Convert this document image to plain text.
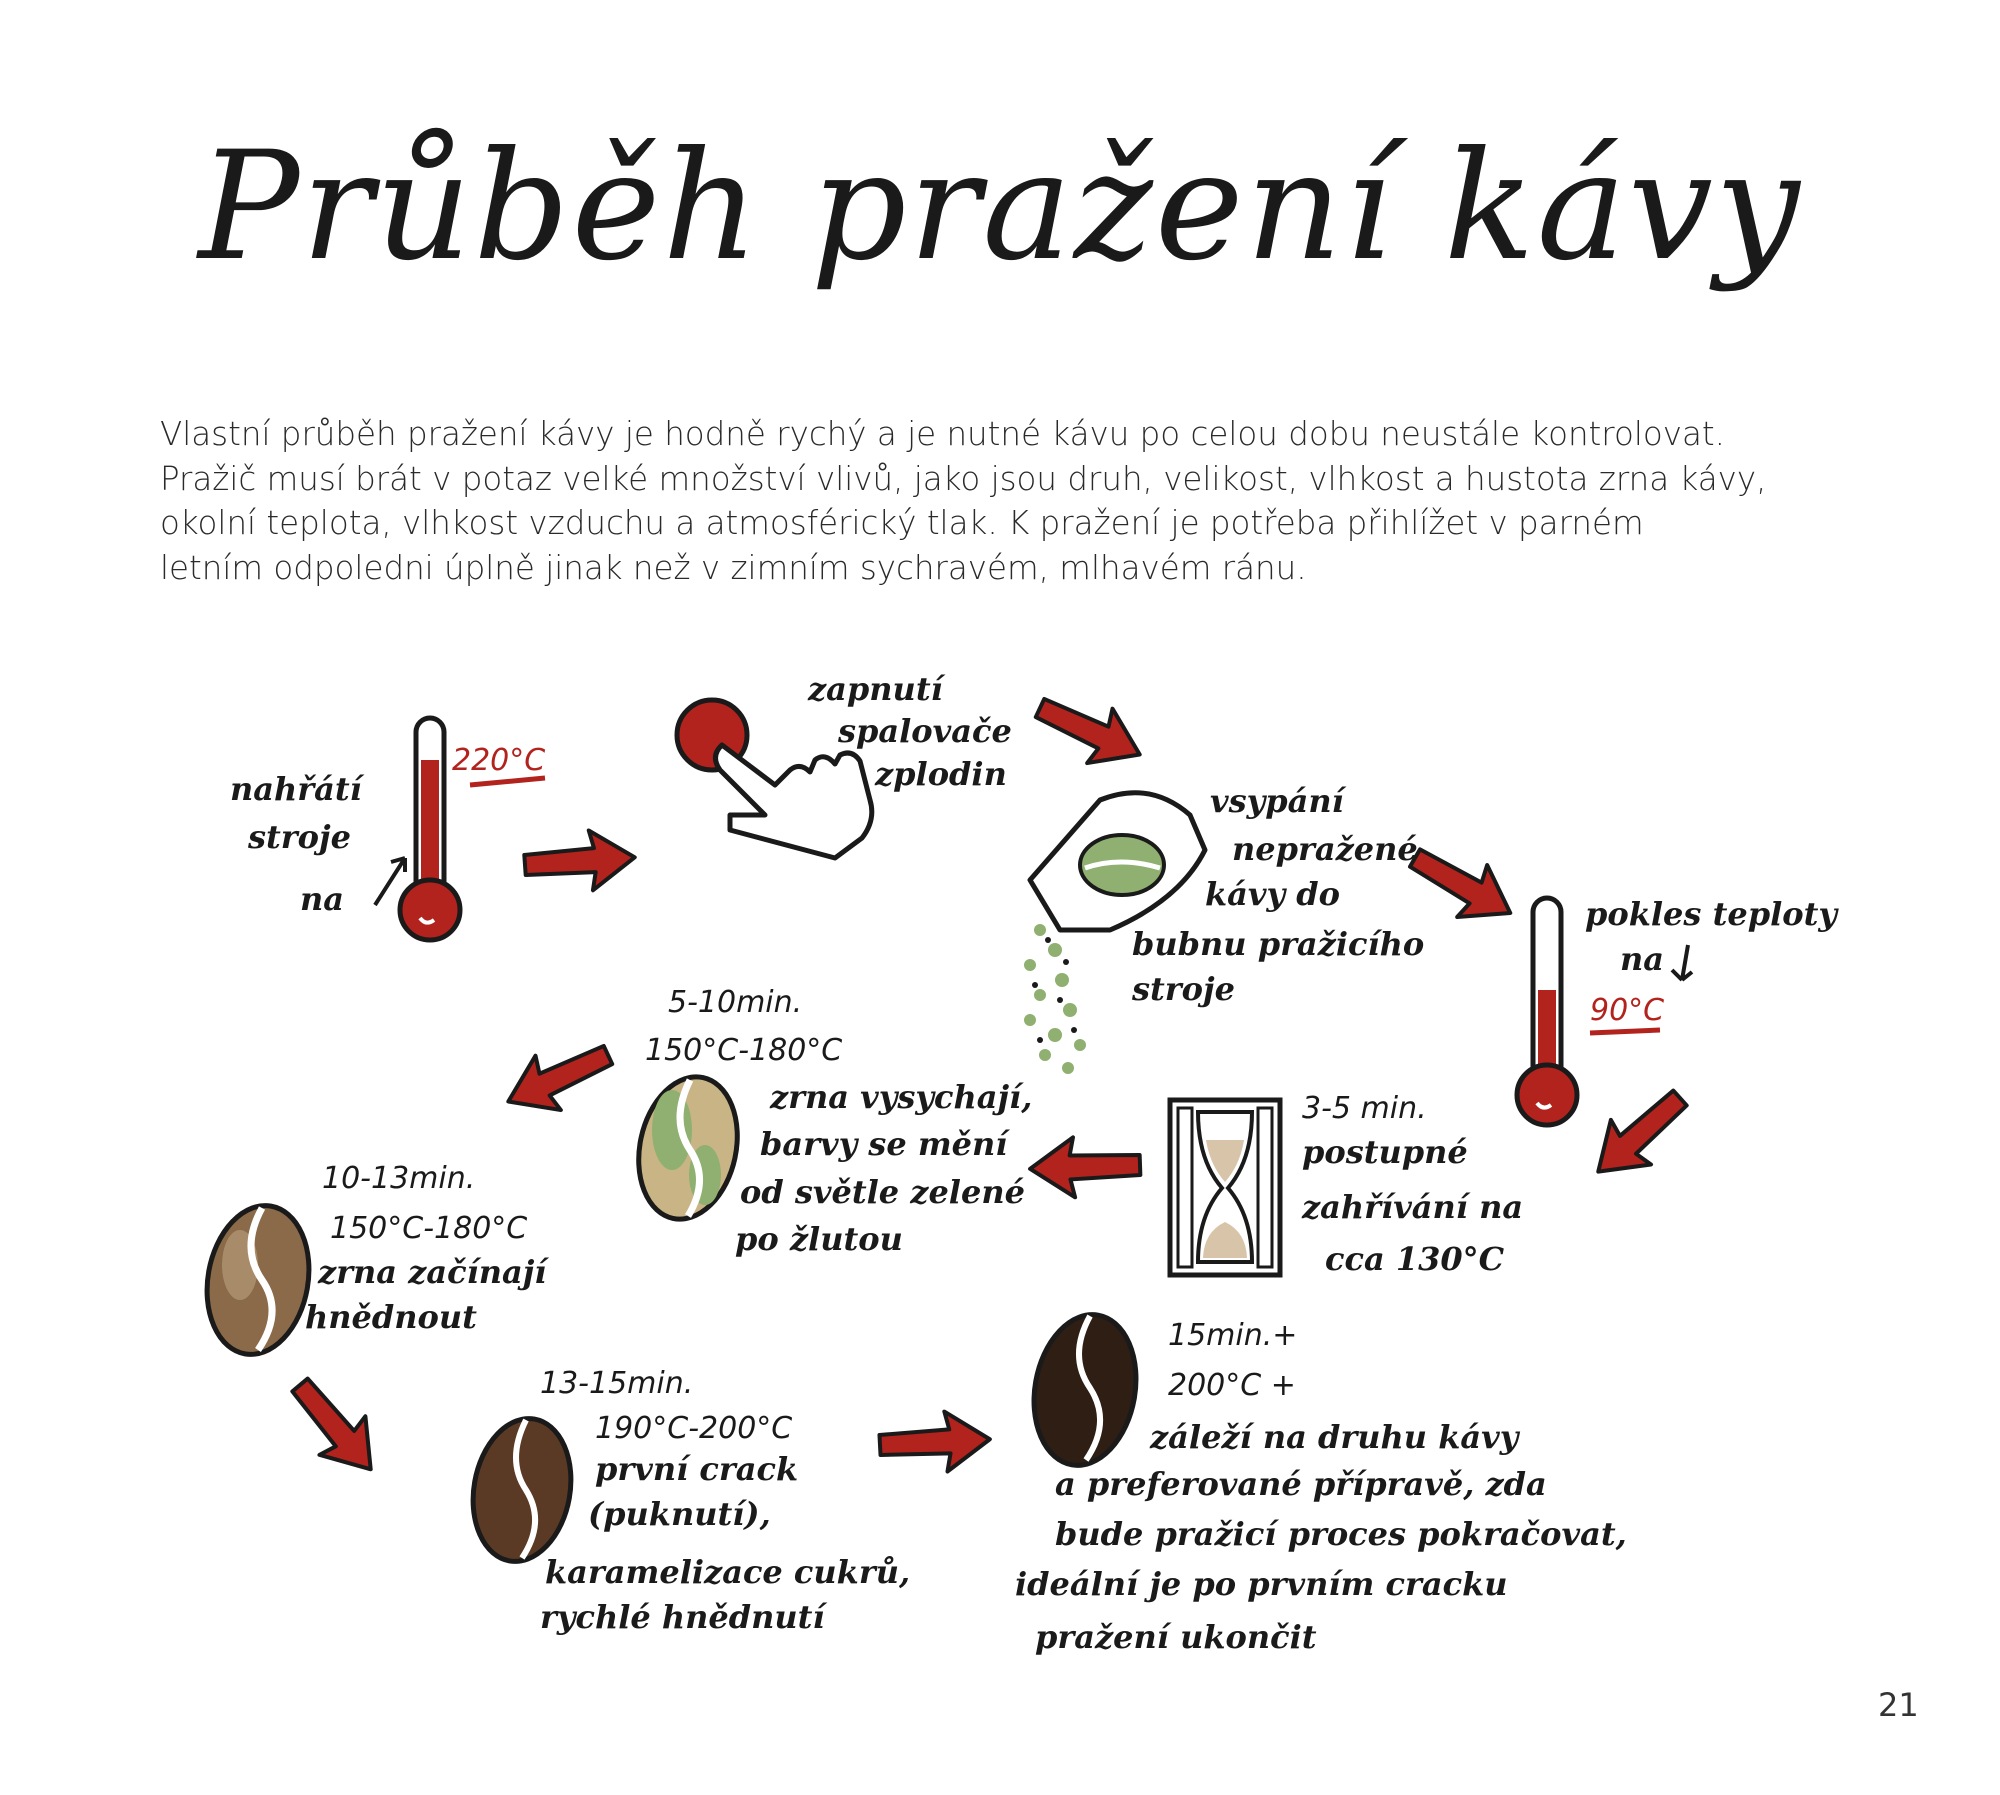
Průběh pražení kávy
Vlastní průběh pražení kávy je hodně rychý a je nutné kávu po celou dobu neustále kontrolovat.
Pražič musí brát v potaz velké množství vlivů, jako jsou druh, velikost, vlhkost a hustota zrna kávy,
okolní teplota, vlhkost vzduchu a atmosférický tlak. K pražení je potřeba přihlížet v parném
letním odpoledni úplně jinak než v zimním sychravém, mlhavém ránu.
nahřátí
stroje
na
220°C
zapnutí
spalovače
zplodin
vsypání
nepražené
kávy do
bubnu pražicího
stroje
pokles teploty
na
90°C
3-5 min.
postupné
zahřívání na
cca 130°C
5-10min.
150°C-180°C
zrna vysychají,
barvy se mění
od světle zelené
po žlutou
10-13min.
150°C-180°C
zrna začínají
hnědnout
13-15min.
190°C-200°C
první crack
(puknutí),
karamelizace cukrů,
rychlé hnědnutí
15min.+
200°C +
záleží na druhu kávy
a preferované přípravě, zda
bude pražicí proces pokračovat,
ideální je po prvním cracku
pražení ukončit
21
